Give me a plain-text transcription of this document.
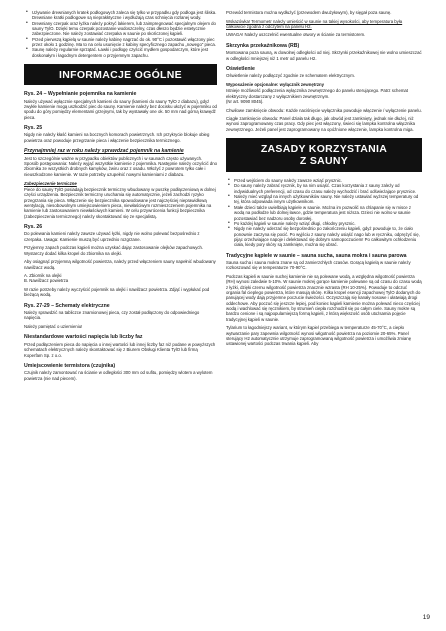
• Używanie drewnianych kratek podłogowych zaleca się tylko w przypadku gdy podłoga jest śliska. Drewniane kratki podłogowe są nieprakktyczne i wydłużają czas schnięcia rozlanej wody.
• Drewniany czerpak oraz łyżka należy pokryć lakierem, lub zaimpregnować specjalnym olejem do sauny TylO. Dzięki temu czerpak pozostanie wodoszczelny, czas dłeszo będzie estetycznie zabezpieczone. Nie należy zostawiać czerpaka w saunie po skończonej kąpieli.
• Przed pierwszą kąpielą w saunie należy kabinę nagrzać do ok. 90°C i pozostawić włączony piec przez około 1 godzinę. Ma to na celu usunięcie z kabiny specyficznego zapachu „nowego” pieca.
• Saunę należy regularnie sprzątać. Ławki i podłogę czyścić mydłem gospodarczym, które jest doskonałym i łagodnym detergentem o przyjemnym zapachu.
INFORMACJE OGÓLNE
Rys. 24 – Wypełnianie pojemnika na kamienie

Należy używać wyłącznie specjalnych kamieni do sauny (kamieni do sauny TylO z diabazu), gdyż zwykłe kamienie mogą uszkodzić piec do sauny. Kamienie należy bez docisku ułożyć w pojemniku od spodu do góry pomiędzy elementami grzejnymi, tak by wystawały one ok. 50 mm nad górną krawędź pieca.

Rys. 25

Nigdy nie należy kłaść kamieni na bocznych komorach powietrznych. Ich przykrycie blokuje obieg powietrza oraz powoduje przegrzanie pieca i włączenie bezpiecznika termicznego.

Przynajmniej raz w roku należy sprawdzać pojemnik na kamienie

Jest to szczególnie ważne w przypadku obiektów publicznych i w saunach często używanych. Sposób postępowania: Należy wyjąć wszystkie kamienie z pojemnika. Następnie należy oczyścić dno zbiornika ze wszystkich drobnych kamyków, żwiru oraz z osadu. Włożyć z powrotem tylko całe i nieuszkodzone kamienie. W razie potrzeby uzupełnić nowymi kamieniami z diabazu.

Zabezpieczenie termiczne

Piece do sauny TylO posiadają bezpiecznik termiczny wbudowany w puszkę podłączeniową w dolnej części urządzenia. Bezpiecznik termiczny uruchamia się automatycznie, jeżeli zachodzi ryzyko przegrzania się pieca. Włączenie się bezpiecznika spowodowane jest najczęściej nieprawidłową wentylacją, niesobowolnym umiejscowieniem pieca, niewłaściwym rozmieszczeniem pojemnika na kamienie lub zastosowaniem niewłaściwych kamieni. W celu przywrócenia funkcji bezpiecznika (zabezpieczenia termicznego) należy skontaktować się ze specjalistą.

Rys. 26

Do polewania kamieni należy zawsze używać łyżki, nigdy nie wolno polewać bezpośrednio z czerpaka. Uwaga: Kamienie muszą być uprzednio rozgrzane.

Przyjemny zapach podczas kąpieli można uzyskać dając zastosowanie olejków zapachowych. Wystarczy dodać kilka kropel do zbiornika na olejki.

Aby osiągnąć przyjemną wilgotność powietrza, należy przed włączeniem sauny napełnić wbudowany nawilżacz wodą.

A. Zbiornik na olejki

B. Nawilżacz powietrza

W razie potrzeby należy wyczyścić pojemnik na olejki i nawilżacz powietrza. Zdjąć i wypłukać pod bieżącą wodą.

Rys. 27-29 – Schematy elektryczne

Należy sprawdzić na tabliczce znamionowej pieca, czy został podłączony do odpowiedniego napięcia.

Należy pamiętać o uziemieniu!

Niestandardowe wartości napięcia lub liczby faz

Przed podłączeniem pieca do napięcia o innej wartości lub innej liczby faz niż podane w powyższych schematach elektrycznych należy skontaktować się z Biurem Obsługi Klienta TylO lub firmą Koperfam Sp. z o.o.

Umiejscowienie termistora (czujnika)

Czujnik należy zamontować na ścianie w odległości 300 mm od sufitu, pomiędzy wlotem a wylotem powietrza (nie nad piecem).

Przewód termistora można wydłużyć (przewodem dwużyłowym), by sięgał poza saunę.

Wskazówka! Termometr należy umieścić w saunie na takiej wysokości, aby temperatura była całkowicie zgodna z odczytem na panelu H2.

UWAGA! Należy uszczelnić ewentualne otwory w ścianie za termistorem.

Skrzynka przekaźnikowa (RB)

Montowana poza sauną, w dowolnej odległości od niej. Skrzynki przekaźnikowej nie wolno umieszczać w odległości mniejszej niż 1 metr od panelu H2.

Oświetlenie

Oświetlenie należy podłączyć zgodnie ze schematem elektrycznym.

Wyposażenie opcjonalne: wyłącznik zewnętrzny

Istnieje możliwość podłączenia wyłącznika zewnętrznego do panelu sterującego. Patrz schemat elektryczny dostarczany z wyłącznikiem zewnętrznym.

(Nr art. 9090 8045).

Chwilowe zamknięcie obwodu: Każde naciśnięcie wyłącznika powoduje włączenie / wyłączenie panelu.

Ciągłe zamknięcie obwodu: Panel działa tak długo, jak obwód jest zamknięty, jednak nie dłużej, niż wynosi zaprogramowany czas pracy. Gdy piec jest włączony, świeci się lampka kontrolna włącznika zewnętrznego. Jeżeli panel jest zaprogramowany na opóźnione włączenie, lampka kontrolna miga.

ZASADY KORZYSTANIA
Z SAUNY
• Przed wejściem do sauny należy zawsze wziąć prysznic.
• Do sauny należy zabrać ręcznik, by na nim usiąść. Czas korzystania z sauny zależy od indywidualnych preferencji, od czasu do czasu należy wychodzić i brać odświeżające prysznice.
• Należy mieć wzgląd na innych użytkowników sauny. Nie należy ustawiać wyższej temperatury od tej, która odpowiada innym użytkownikom.
• Małe dzieci także uwielbiają kąpiele w saunie. Można im pozwolić na chlapanie się w misce z wodą na podłodze lub dolnej ławce, gdzie temperatura jest niższa. Dzieci nie wolno w saunie pozostawiać bez nadzoru osoby dorosłej.
• Po każdej kąpieli w saunie należy wziąć długi, chłodny prysznic.
• Nigdy nie należy uderzać się bezpośrednio po zakończeniu kąpieli, gdyż powoduje to, że ciało ponownie zaczyna się pocić. Po wyjściu z sauny należy usiąść nago lub w ręczniku, odprężyć się, pijąc orzeźwiające napoje i delektować się dobrym samopoczuciem! Po całkowitym ochłodzeniu ciała, kiedy pory skóry są zamknięte, można się ubrać.
Tradycyjne kąpiele w saunie – sauna sucha, sauna mokra i sauna parowa

Sauna sucha i sauna mokra znane są od zamierzchłych czasów. Gorącą kąpielą w saunie należy rozkoszować się w temperaturze 70-90°C.

Podczas kąpieli w saunie suchej kamienie nie są polewane wodą, a względna wilgotność powietrza (RH) wynosi zaledwie 5-10%. W saunie mokrej gorące kamienie polewane są od czasu do czasu wodą z łyżki, dzięki czemu wilgotność powietrza znacznie wzrasta (RH 10-25%). Powoduje to odczuć organia fal cieplego powietrza, które masują skórę. Kilka kropel esencji zapachowej TylO dodanych do panującej wody dają przyjemne poczucie świeżości. Oczyszczają się kanały nosowe i ułatwiają drogi oddechowe. Aby poczuć się jeszcze lepiej, pod koniec kąpieli kamienie można polewać nieco częściej wodą i wachlować się ręcznikiem, by strumień ciepła rozchodził się po całym ciele. Sauny mokre są bardzo cenione i są najpopularniejszą formą kąpieli, z którą większość osób utożsamia pojęcie tradycyjnej kąpieli w saunie.

Tylarium to łagodniejszy wariant, w którym kąpiel przebiega w temperaturze 45-70°C, a ciepło wytwarzanie pary zapewnia wilgotność wynosi wilgotność powietrza na poziomie 20-65%. Panel sterujący H2 automatycznie utrzymuje zaprogramowaną wilgotność powietrza i umożliwia zmianę ustawionej wartości podczas trwania kąpieli. Aby

19
